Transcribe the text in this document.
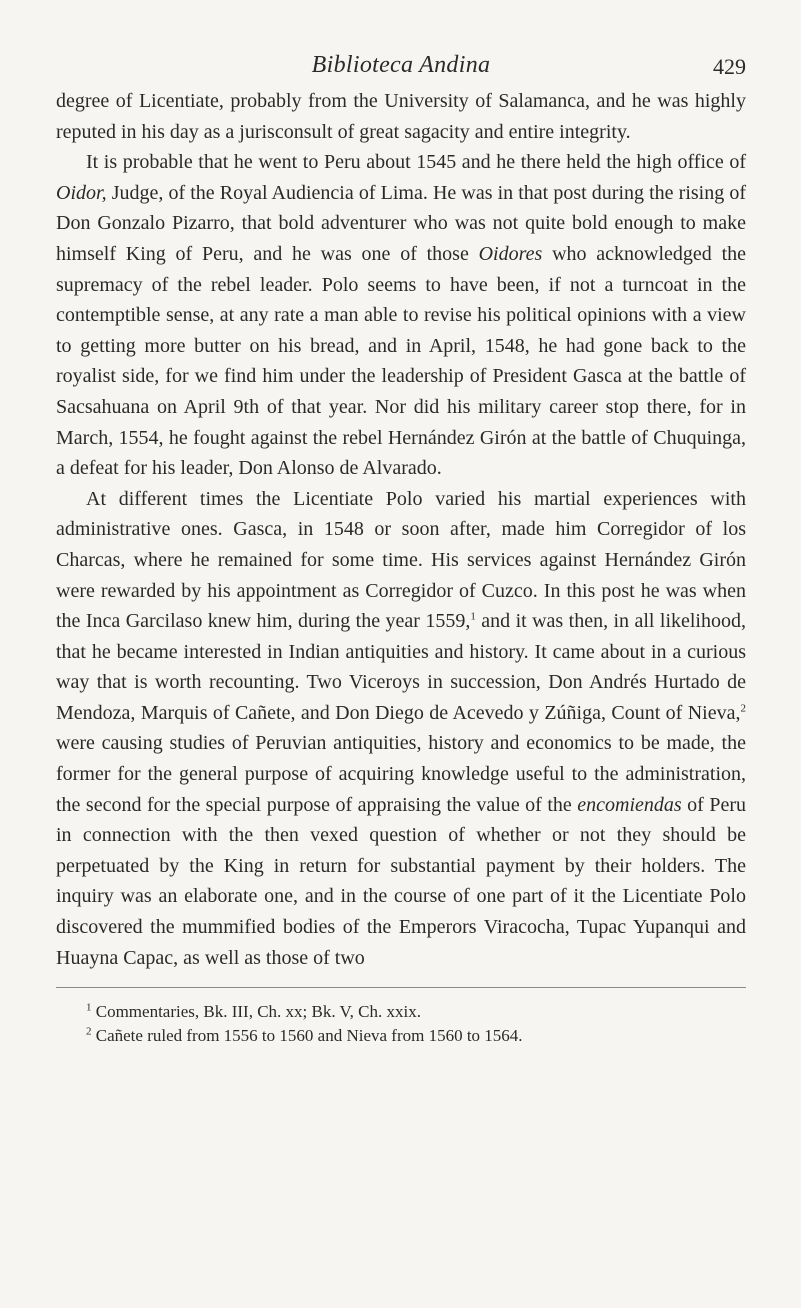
Biblioteca Andina	429

degree of Licentiate, probably from the University of Salamanca, and he was highly reputed in his day as a jurisconsult of great sagacity and entire integrity.

It is probable that he went to Peru about 1545 and he there held the high office of Oidor, Judge, of the Royal Audiencia of Lima. He was in that post during the rising of Don Gonzalo Pizarro, that bold adventurer who was not quite bold enough to make himself King of Peru, and he was one of those Oidores who acknowledged the supremacy of the rebel leader. Polo seems to have been, if not a turncoat in the contemptible sense, at any rate a man able to revise his political opinions with a view to getting more butter on his bread, and in April, 1548, he had gone back to the royalist side, for we find him under the leadership of President Gasca at the battle of Sacsahuana on April 9th of that year. Nor did his military career stop there, for in March, 1554, he fought against the rebel Hernández Girón at the battle of Chuquinga, a defeat for his leader, Don Alonso de Alvarado.

At different times the Licentiate Polo varied his martial experiences with administrative ones. Gasca, in 1548 or soon after, made him Corregidor of los Charcas, where he remained for some time. His services against Hernández Girón were rewarded by his appointment as Corregidor of Cuzco. In this post he was when the Inca Garcilaso knew him, during the year 1559,$^1$ and it was then, in all likelihood, that he became interested in Indian antiquities and history. It came about in a curious way that is worth recounting. Two Viceroys in succession, Don Andrés Hurtado de Mendoza, Marquis of Cañete, and Don Diego de Acevedo y Zúñiga, Count of Nieva,$^2$ were causing studies of Peruvian antiquities, history and economics to be made, the former for the general purpose of acquiring knowledge useful to the administration, the second for the special purpose of appraising the value of the encomiendas of Peru in connection with the then vexed question of whether or not they should be perpetuated by the King in return for substantial payment by their holders. The inquiry was an elaborate one, and in the course of one part of it the Licentiate Polo discovered the mummified bodies of the Emperors Viracocha, Tupac Yupanqui and Huayna Capac, as well as those of two

$^1$ Commentaries, Bk. III, Ch. xx; Bk. V, Ch. xxix.

$^2$ Cañete ruled from 1556 to 1560 and Nieva from 1560 to 1564.
